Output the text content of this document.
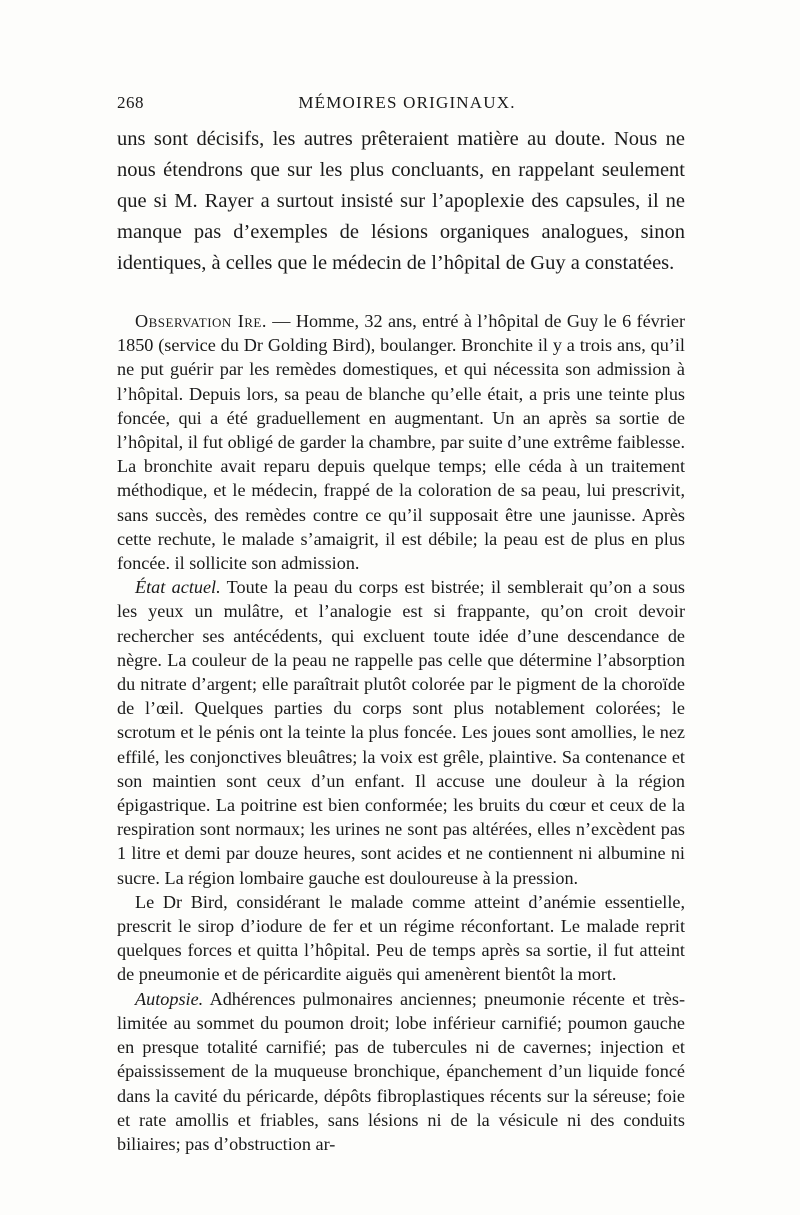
268	MÉMOIRES ORIGINAUX.

uns sont décisifs, les autres prêteraient matière au doute. Nous ne nous étendrons que sur les plus concluants, en rappelant seulement que si M. Rayer a surtout insisté sur l’apoplexie des capsules, il ne manque pas d’exemples de lésions organiques analogues, sinon identiques, à celles que le médecin de l’hôpital de Guy a constatées.

Observation Ire. — Homme, 32 ans, entré à l’hôpital de Guy le 6 février 1850 (service du Dr Golding Bird), boulanger. Bronchite il y a trois ans, qu’il ne put guérir par les remèdes domestiques, et qui nécessita son admission à l’hôpital. Depuis lors, sa peau de blanche qu’elle était, a pris une teinte plus foncée, qui a été graduellement en augmentant. Un an après sa sortie de l’hôpital, il fut obligé de garder la chambre, par suite d’une extrême faiblesse. La bronchite avait reparu depuis quelque temps; elle céda à un traitement méthodique, et le médecin, frappé de la coloration de sa peau, lui prescrivit, sans succès, des remèdes contre ce qu’il supposait être une jaunisse. Après cette rechute, le malade s’amaigrit, il est débile; la peau est de plus en plus foncée. il sollicite son admission.

État actuel. Toute la peau du corps est bistrée; il semblerait qu’on a sous les yeux un mulâtre, et l’analogie est si frappante, qu’on croit devoir rechercher ses antécédents, qui excluent toute idée d’une descendance de nègre. La couleur de la peau ne rappelle pas celle que détermine l’absorption du nitrate d’argent; elle paraîtrait plutôt colorée par le pigment de la choroïde de l’œil. Quelques parties du corps sont plus notablement colorées; le scrotum et le pénis ont la teinte la plus foncée. Les joues sont amollies, le nez effilé, les conjonctives bleuâtres; la voix est grêle, plaintive. Sa contenance et son maintien sont ceux d’un enfant. Il accuse une douleur à la région épigastrique. La poitrine est bien conformée; les bruits du cœur et ceux de la respiration sont normaux; les urines ne sont pas altérées, elles n’excèdent pas 1 litre et demi par douze heures, sont acides et ne contiennent ni albumine ni sucre. La région lombaire gauche est douloureuse à la pression.

Le Dr Bird, considérant le malade comme atteint d’anémie essentielle, prescrit le sirop d’iodure de fer et un régime réconfortant. Le malade reprit quelques forces et quitta l’hôpital. Peu de temps après sa sortie, il fut atteint de pneumonie et de péricardite aiguës qui amenèrent bientôt la mort.

Autopsie. Adhérences pulmonaires anciennes; pneumonie récente et très-limitée au sommet du poumon droit; lobe inférieur carnifié; poumon gauche en presque totalité carnifié; pas de tubercules ni de cavernes; injection et épaississement de la muqueuse bronchique, épanchement d’un liquide foncé dans la cavité du péricarde, dépôts fibroplastiques récents sur la séreuse; foie et rate amollis et friables, sans lésions ni de la vésicule ni des conduits biliaires; pas d’obstruction ar-
